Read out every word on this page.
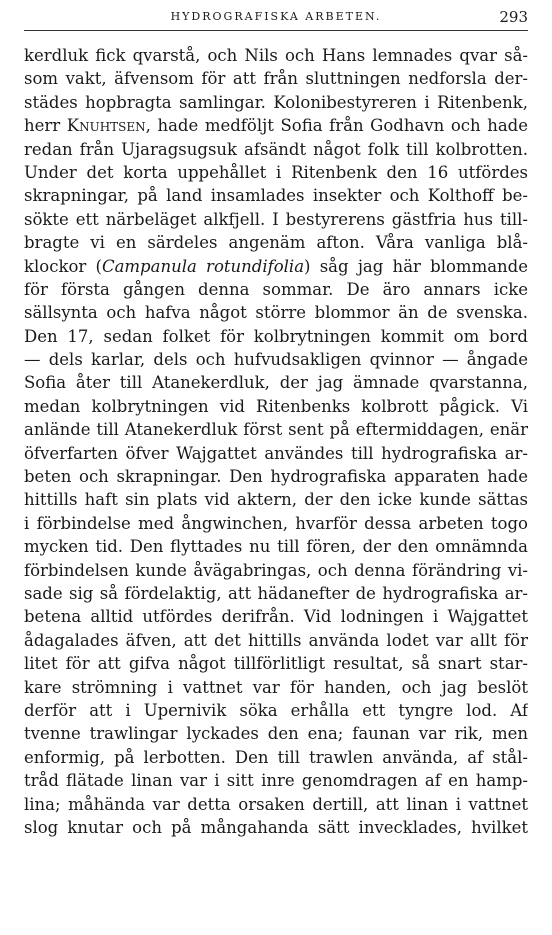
HYDROGRAFISKA ARBETEN.	293
kerdluk fick qvarstå, och Nils och Hans lemnades qvar så-
som vakt, äfvensom för att från sluttningen nedforsla der-
städes hopbragta samlingar. Kolonibestyreren i Ritenbenk,
herr Knuhtsen, hade medföljt Sofia från Godhavn och hade
redan från Ujaragsugsuk afsändt något folk till kolbrotten.
Under det korta uppehållet i Ritenbenk den 16 utfördes
skrapningar, på land insamlades insekter och Kolthoff be-
sökte ett närbeläget alkfjell. I bestyrerens gästfria hus till-
bragte vi en särdeles angenäm afton. Våra vanliga blå-
klockor (Campanula rotundifolia) såg jag här blommande
för första gången denna sommar. De äro annars icke
sällsynta och hafva något större blommor än de svenska.
Den 17, sedan folket för kolbrytningen kommit om bord
— dels karlar, dels och hufvudsakligen qvinnor — ångade
Sofia åter till Atanekerdluk, der jag ämnade qvarstanna,
medan kolbrytningen vid Ritenbenks kolbrott pågick. Vi
anlände till Atanekerdluk först sent på eftermiddagen, enär
öfverfarten öfver Wajgattet användes till hydrografiska ar-
beten och skrapningar. Den hydrografiska apparaten hade
hittills haft sin plats vid aktern, der den icke kunde sättas
i förbindelse med ångwinchen, hvarför dessa arbeten togo
mycken tid. Den flyttades nu till fören, der den omnämnda
förbindelsen kunde åvägabringas, och denna förändring vi-
sade sig så fördelaktig, att hädanefter de hydrografiska ar-
betena alltid utfördes derifrån. Vid lodningen i Wajgattet
ådagalades äfven, att det hittills använda lodet var allt för
litet för att gifva något tillförlitligt resultat, så snart star-
kare strömning i vattnet var för handen, och jag beslöt
derför att i Upernivik söka erhålla ett tyngre lod. Af
tvenne trawlingar lyckades den ena; faunan var rik, men
enformig, på lerbotten. Den till trawlen använda, af stål-
tråd flätade linan var i sitt inre genomdragen af en hamp-
lina; måhända var detta orsaken dertill, att linan i vattnet
slog knutar och på mångahanda sätt invecklades, hvilket
